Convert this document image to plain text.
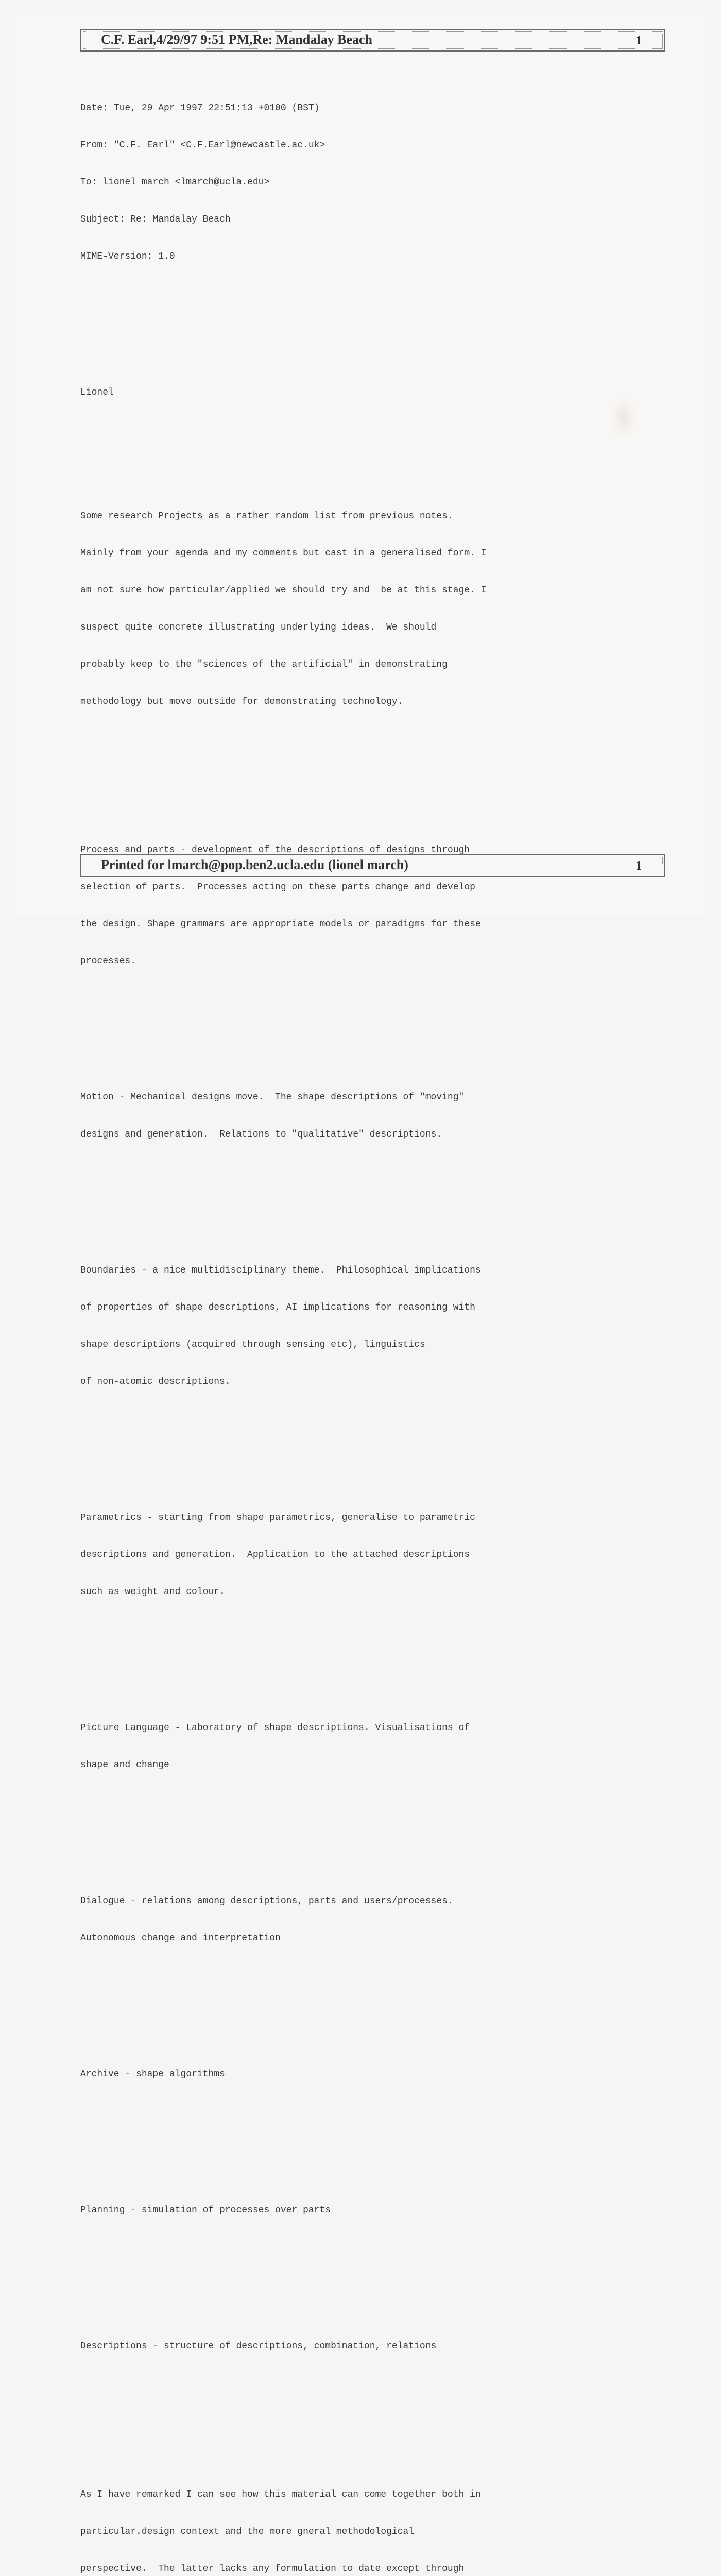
C.F. Earl,4/29/97 9:51 PM,Re: Mandalay Beach	1

Date: Tue, 29 Apr 1997 22:51:13 +0100 (BST)

From: "C.F. Earl" <C.F.Earl@newcastle.ac.uk>

To: lionel march <lmarch@ucla.edu>

Subject: Re: Mandalay Beach

MIME-Version: 1.0

Lionel

Some research Projects as a rather random list from previous notes.

Mainly from your agenda and my comments but cast in a generalised form. I

am not sure how particular/applied we should try and  be at this stage. I

suspect quite concrete illustrating underlying ideas.  We should

probably keep to the "sciences of the artificial" in demonstrating

methodology but move outside for demonstrating technology.

Process and parts - development of the descriptions of designs through

selection of parts.  Processes acting on these parts change and develop

the design. Shape grammars are appropriate models or paradigms for these

processes.

Motion - Mechanical designs move.  The shape descriptions of "moving"

designs and generation.  Relations to "qualitative" descriptions.

Boundaries - a nice multidisciplinary theme.  Philosophical implications

of properties of shape descriptions, AI implications for reasoning with

shape descriptions (acquired through sensing etc), linguistics

of non-atomic descriptions.

Parametrics - starting from shape parametrics, generalise to parametric

descriptions and generation.  Application to the attached descriptions

such as weight and colour.

Picture Language - Laboratory of shape descriptions. Visualisations of

shape and change

Dialogue - relations among descriptions, parts and users/processes.

Autonomous change and interpretation

Archive - shape algorithms

Planning - simulation of processes over parts

Descriptions - structure of descriptions, combination, relations

As I have remarked I can see how this material can come together both in

particular.design context and the more gneral methodological

perspective.  The latter lacks any formulation to date except through

Printed for lmarch@pop.ben2.ucla.edu (lionel march)	1
